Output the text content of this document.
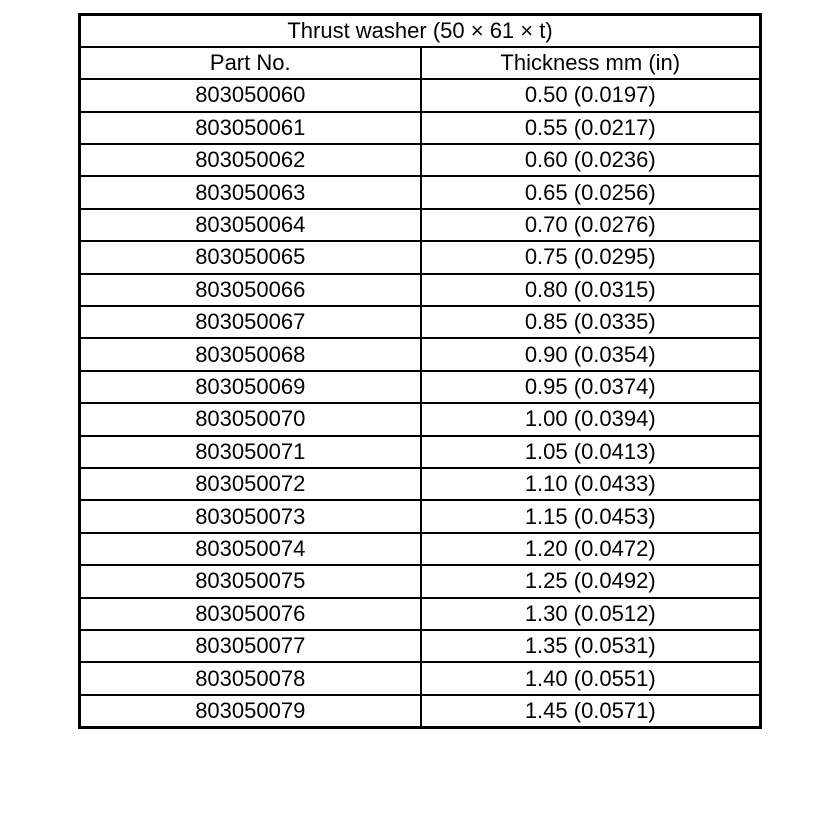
Thrust washer (50 × 61 × t)	
Part No.	Thickness mm (in)
803050060	0.50 (0.0197)
803050061	0.55 (0.0217)
803050062	0.60 (0.0236)
803050063	0.65 (0.0256)
803050064	0.70 (0.0276)
803050065	0.75 (0.0295)
803050066	0.80 (0.0315)
803050067	0.85 (0.0335)
803050068	0.90 (0.0354)
803050069	0.95 (0.0374)
803050070	1.00 (0.0394)
803050071	1.05 (0.0413)
803050072	1.10 (0.0433)
803050073	1.15 (0.0453)
803050074	1.20 (0.0472)
803050075	1.25 (0.0492)
803050076	1.30 (0.0512)
803050077	1.35 (0.0531)
803050078	1.40 (0.0551)
803050079	1.45 (0.0571)
